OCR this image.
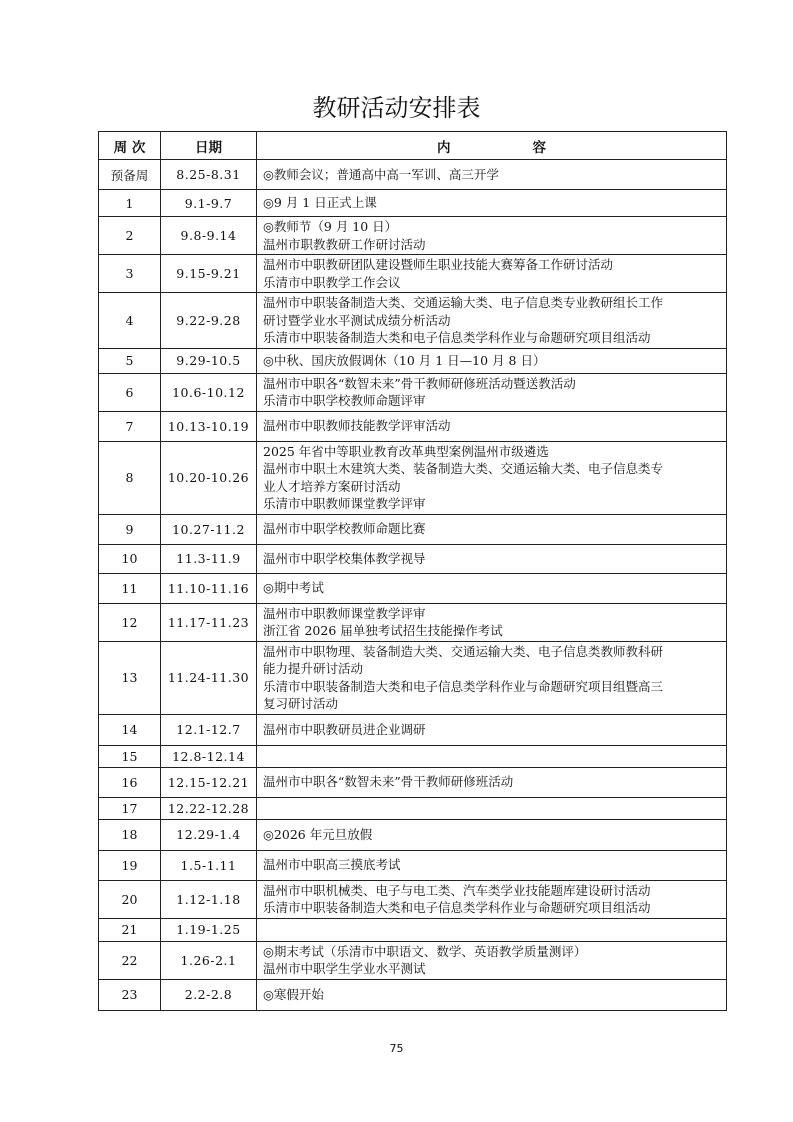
教研活动安排表
周 次	日期	内 容
预备周	8.25-8.31	◎教师会议；普通高中高一军训、高三开学

1	9.1-9.7	◎9 月 1 日正式上课

2	9.8-9.14	◎教师节（9 月 10 日）
温州市职教教研工作研讨活动

3	9.15-9.21	温州市中职教研团队建设暨师生职业技能大赛筹备工作研讨活动
乐清市中职教学工作会议

4	9.22-9.28	温州市中职装备制造大类、交通运输大类、电子信息类专业教研组长工作
研讨暨学业水平测试成绩分析活动
乐清市中职装备制造大类和电子信息类学科作业与命题研究项目组活动

5	9.29-10.5	◎中秋、国庆放假调休（10 月 1 日—10 月 8 日）

6	10.6-10.12	温州市中职各“数智未来”骨干教师研修班活动暨送教活动
乐清市中职学校教师命题评审

7	10.13-10.19	温州市中职教师技能教学评审活动

8	10.20-10.26	2025 年省中等职业教育改革典型案例温州市级遴选
温州市中职土木建筑大类、装备制造大类、交通运输大类、电子信息类专
业人才培养方案研讨活动
乐清市中职教师课堂教学评审

9	10.27-11.2	温州市中职学校教师命题比赛

10	11.3-11.9	温州市中职学校集体教学视导

11	11.10-11.16	◎期中考试

12	11.17-11.23	温州市中职教师课堂教学评审
浙江省 2026 届单独考试招生技能操作考试

13	11.24-11.30	温州市中职物理、装备制造大类、交通运输大类、电子信息类教师教科研
能力提升研讨活动
乐清市中职装备制造大类和电子信息类学科作业与命题研究项目组暨高三
复习研讨活动

14	12.1-12.7	温州市中职教研员进企业调研

15	12.8-12.14	
16	12.15-12.21	温州市中职各“数智未来”骨干教师研修班活动

17	12.22-12.28	
18	12.29-1.4	◎2026 年元旦放假

19	1.5-1.11	温州市中职高三摸底考试

20	1.12-1.18	温州市中职机械类、电子与电工类、汽车类学业技能题库建设研讨活动
乐清市中职装备制造大类和电子信息类学科作业与命题研究项目组活动

21	1.19-1.25	
22	1.26-2.1	◎期末考试（乐清市中职语文、数学、英语教学质量测评）
温州市中职学生学业水平测试

23	2.2-2.8	◎寒假开始
75
